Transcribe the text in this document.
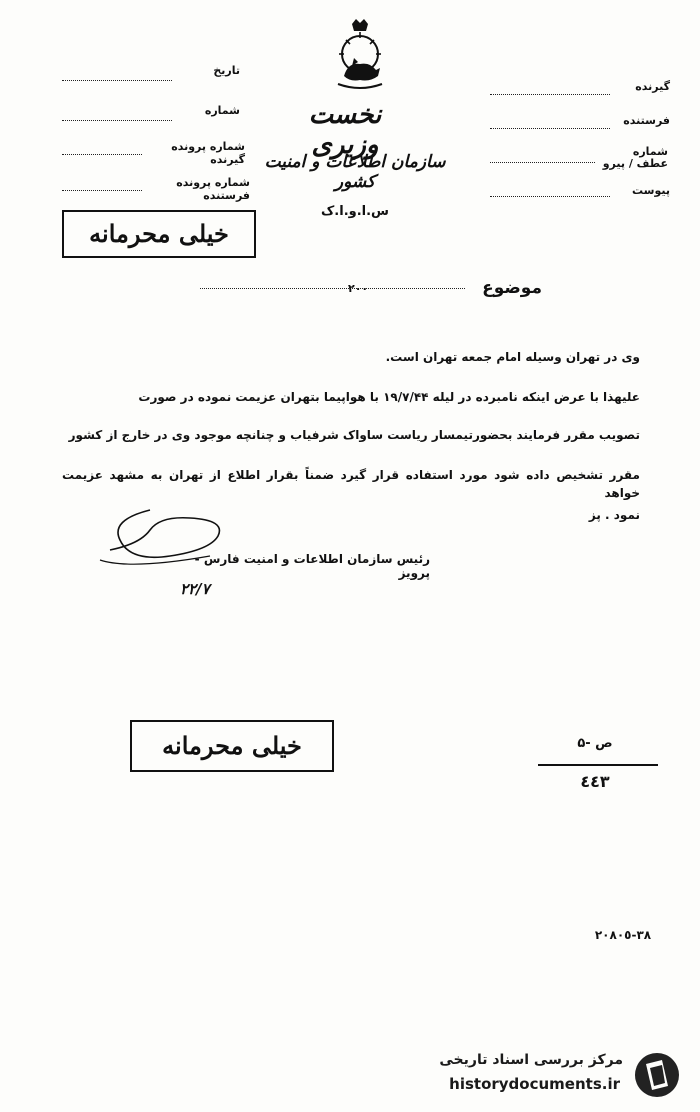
نخست وزیری
سازمان اطلاعات و امنیت کشور
س.ا.و.ا.ک
تاریخ
شماره
شماره پرونده گیرنده
شماره پرونده فرستنده
گیرنده
فرستنده
شماره عطف / پیرو
پیوست
خیلی محرمانه
موضوع
٢٠٠
وی در تهران وسیله امام جمعه تهران است.
علیهذا با عرض اینکه نامبرده در ليله ۱۹/۷/۴۴ با هواپیما بتهران عزیمت نموده در صورت
تصویب مقرر فرمایند بحضورتیمسار ریاست ساواک شرفیاب و چنانچه موجود وی در خارج از کشور
مقرر تشخیص داده شود مورد استفاده قرار گیرد ضمناً بقرار اطلاع از تهران به مشهد عزیمت خواهد
نمود . پز
رئیس سازمان اطلاعات و امنیت فارس - پرویز
۲۲/۷
خیلی محرمانه	ص -۵
٤٤٣
٣٨-٢٠٨٠٥
مرکز بررسی اسناد تاریخی
historydocuments.ir
